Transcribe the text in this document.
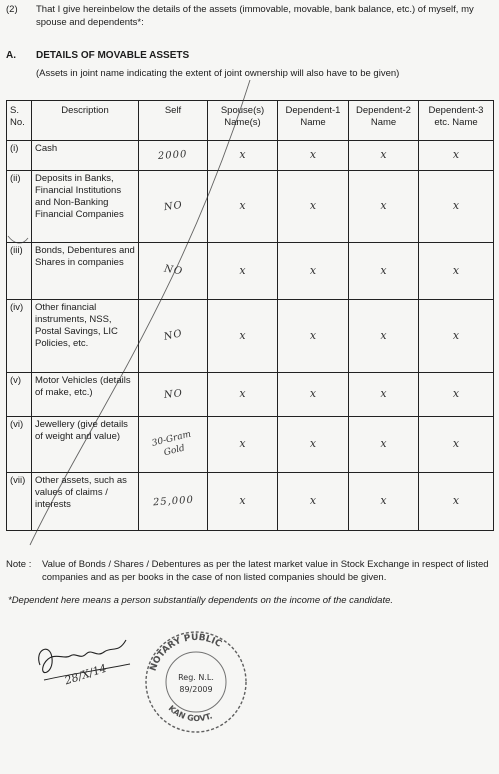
(2) That I give hereinbelow the details of the assets (immovable, movable, bank balance, etc.) of myself, my spouse and dependents*:
A. DETAILS OF MOVABLE ASSETS
(Assets in joint name indicating the extent of joint ownership will also have to be given)
S. No.	Description	Self	Spouse(s) Name(s)	Dependent-1 Name	Dependent-2 Name	Dependent-3 etc. Name
(i)	Cash	2000	x	x	x	x
(ii)	Deposits in Banks, Financial Institutions and Non-Banking Financial Companies	NO	x	x	x	x
(iii)	Bonds, Debentures and Shares in companies	NO	x	x	x	x
(iv)	Other financial instruments, NSS, Postal Savings, LIC Policies, etc.	NO	x	x	x	x
(v)	Motor Vehicles (details of make, etc.)	NO	x	x	x	x
(vi)	Jewellery (give details of weight and value)	30-Gram Gold	x	x	x	x
(vii)	Other assets, such as values of claims / interests	25,000	x	x	x	x
Note : Value of Bonds / Shares / Debentures as per the latest market value in Stock Exchange in respect of listed companies and as per books in the case of non listed companies should be given.
*Dependent here means a person substantially dependents on the income of the candidate.
28/X/14	NOTARY PUBLIC
KAN GOVT.
Reg. N.L.
89/2009
